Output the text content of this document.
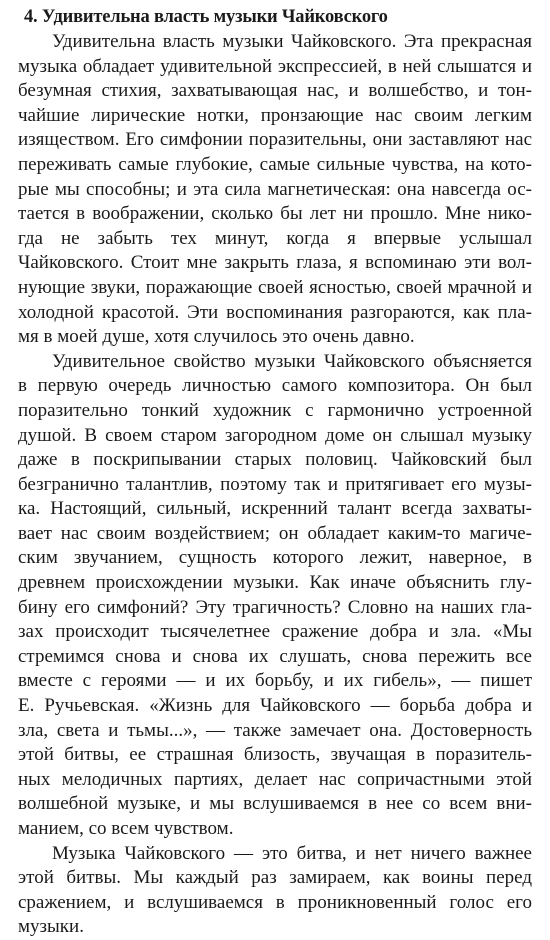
4. Удивительна власть музыки Чайковского
Удивительна власть музыки Чайковского. Эта прекрасная
музыка обладает удивительной экспрессией, в ней слышатся и
безумная стихия, захватывающая нас, и волшебство, и тон-
чайшие лирические нотки, пронзающие нас своим легким
изяществом. Его симфонии поразительны, они заставляют нас
переживать самые глубокие, самые сильные чувства, на кото-
рые мы способны; и эта сила магнетическая: она навсегда ос-
тается в воображении, сколько бы лет ни прошло. Мне нико-
гда не забыть тех минут, когда я впервые услышал
Чайковского. Стоит мне закрыть глаза, я вспоминаю эти вол-
нующие звуки, поражающие своей ясностью, своей мрачной и
холодной красотой. Эти воспоминания разгораются, как пла-
мя в моей душе, хотя случилось это очень давно.
Удивительное свойство музыки Чайковского объясняется
в первую очередь личностью самого композитора. Он был
поразительно тонкий художник с гармонично устроенной
душой. В своем старом загородном доме он слышал музыку
даже в поскрипывании старых половиц. Чайковский был
безгранично талантлив, поэтому так и притягивает его музы-
ка. Настоящий, сильный, искренний талант всегда захваты-
вает нас своим воздействием; он обладает каким-то магиче-
ским звучанием, сущность которого лежит, наверное, в
древнем происхождении музыки. Как иначе объяснить глу-
бину его симфоний? Эту трагичность? Словно на наших гла-
зах происходит тысячелетнее сражение добра и зла. «Мы
стремимся снова и снова их слушать, снова пережить все
вместе с героями — и их борьбу, и их гибель», — пишет
Е. Ручьевская. «Жизнь для Чайковского — борьба добра и
зла, света и тьмы...», — также замечает она. Достоверность
этой битвы, ее страшная близость, звучащая в поразитель-
ных мелодичных партиях, делает нас сопричастными этой
волшебной музыке, и мы вслушиваемся в нее со всем вни-
манием, со всем чувством.
Музыка Чайковского — это битва, и нет ничего важнее
этой битвы. Мы каждый раз замираем, как воины перед
сражением, и вслушиваемся в проникновенный голос его
музыки.
